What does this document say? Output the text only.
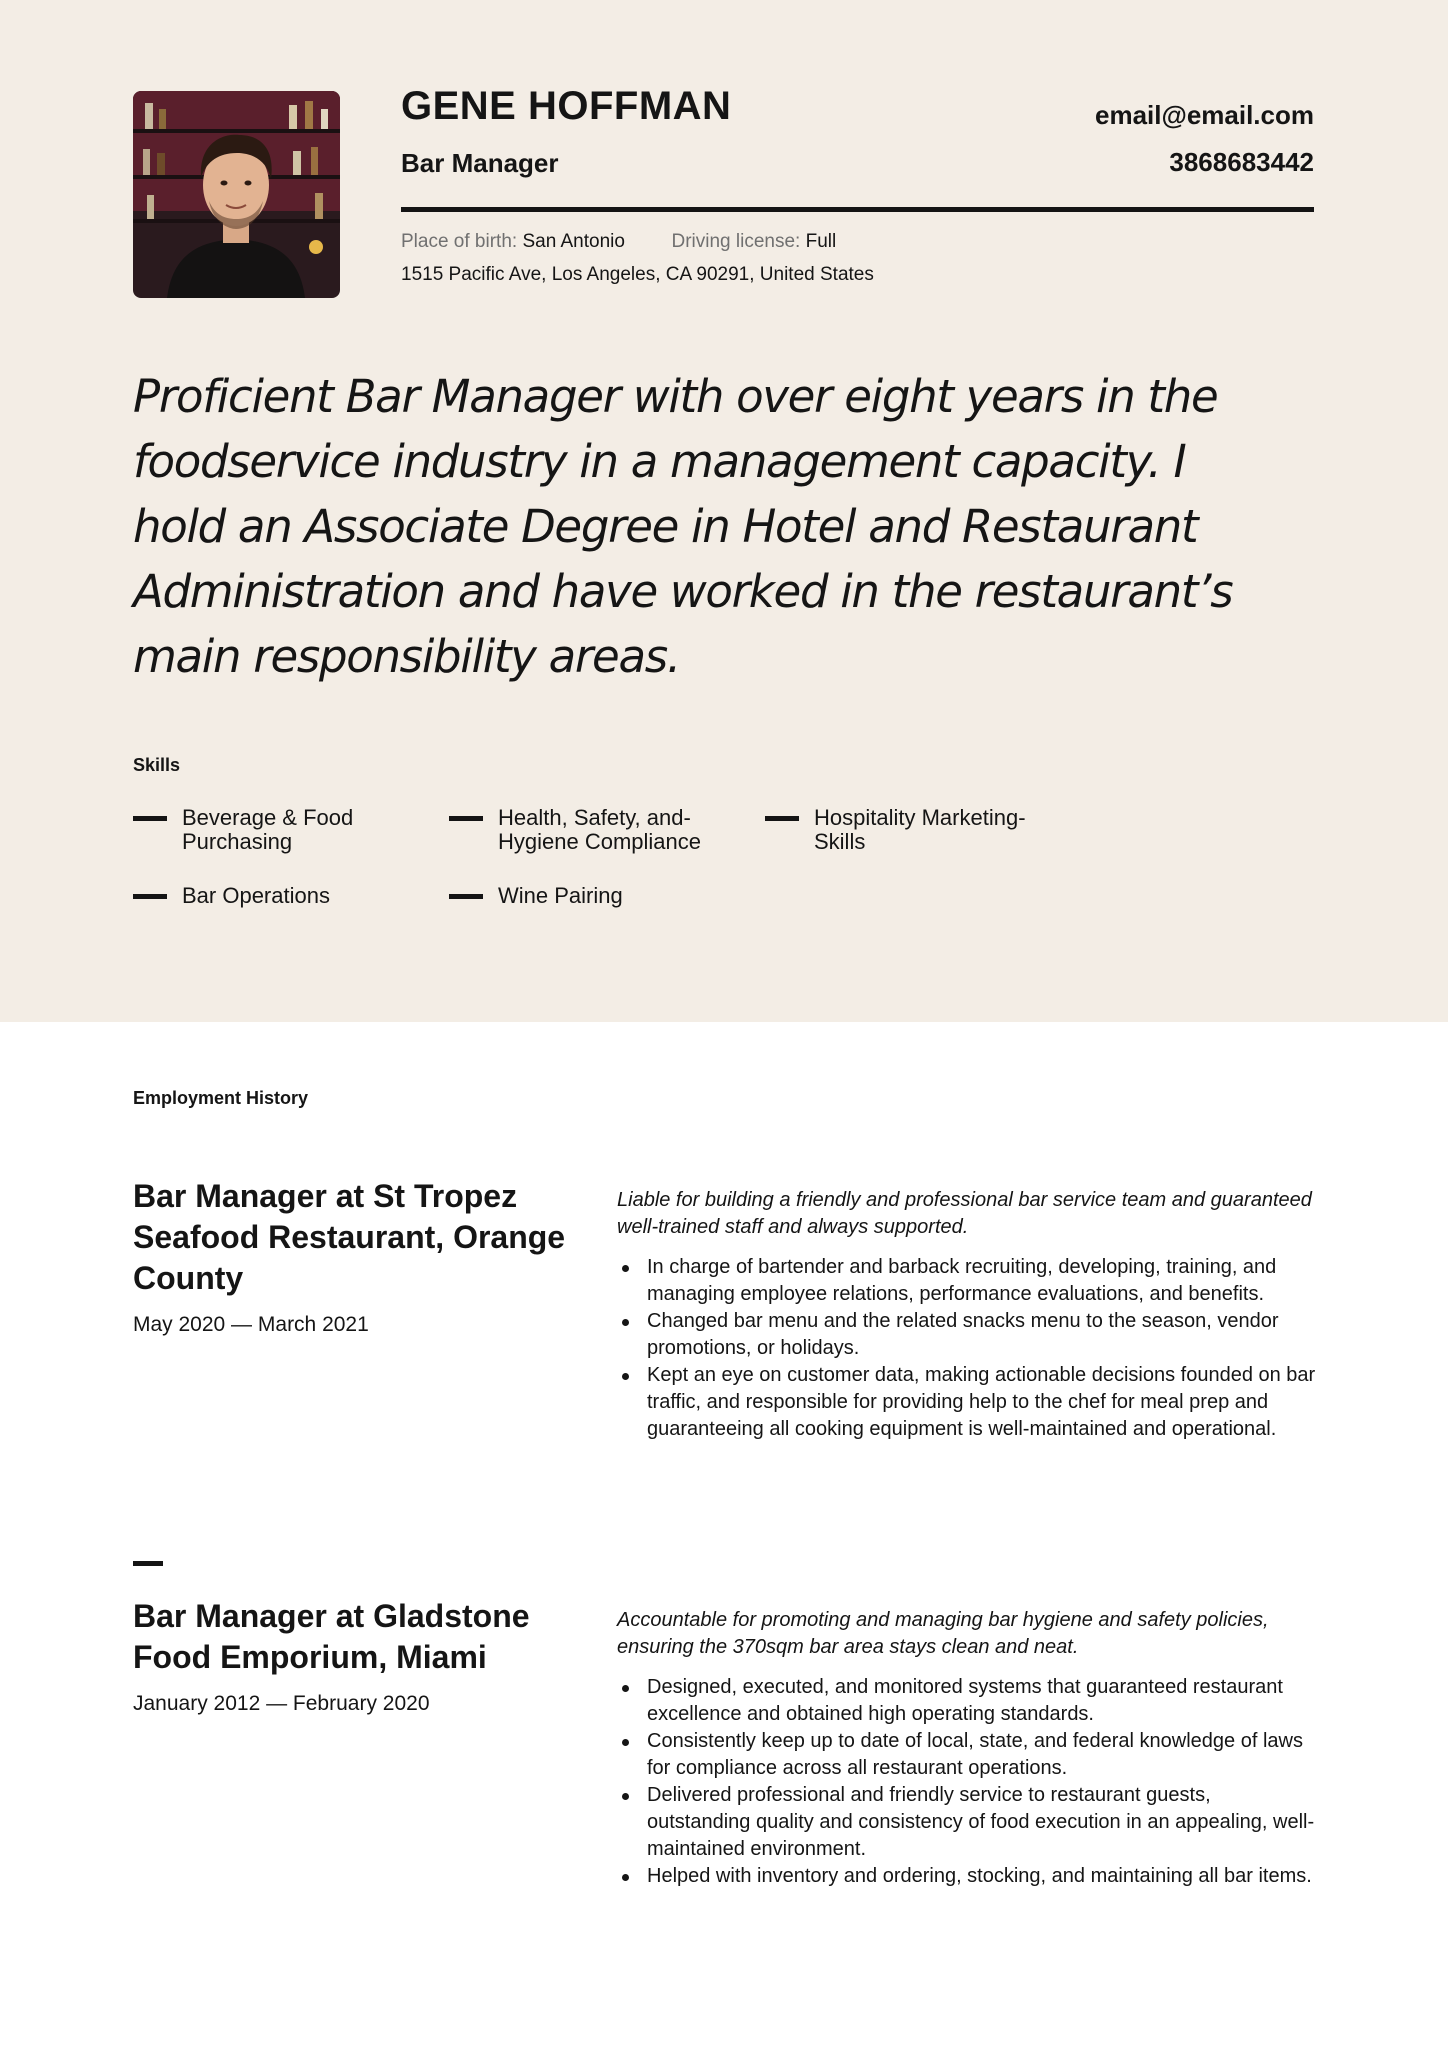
GENE HOFFMAN
Bar Manager
email@email.com
3868683442
Place of birth: San Antonio Driving license: Full
1515 Pacific Ave, Los Angeles, CA 90291, United States
Proficient Bar Manager with over eight years in the foodservice industry in a management capacity. I hold an Associate Degree in Hotel and Restaurant Administration and have worked in the restaurant’s main responsibility areas.
Skills
Beverage & Food Purchasing
Health, Safety, and-Hygiene Compliance
Hospitality Marketing-Skills
Bar Operations	Wine Pairing
Employment History
Bar Manager at St Tropez Seafood Restaurant, Orange County
May 2020 — March 2021
Liable for building a friendly and professional bar service team and guaranteed well-trained staff and always supported.
In charge of bartender and barback recruiting, developing, training, and managing employee relations, performance evaluations, and benefits.
Changed bar menu and the related snacks menu to the season, vendor promotions, or holidays.
Kept an eye on customer data, making actionable decisions founded on bar traffic, and responsible for providing help to the chef for meal prep and guaranteeing all cooking equipment is well-maintained and operational.
Bar Manager at Gladstone Food Emporium, Miami
January 2012 — February 2020
Accountable for promoting and managing bar hygiene and safety policies, ensuring the 370sqm bar area stays clean and neat.
Designed, executed, and monitored systems that guaranteed restaurant excellence and obtained high operating standards.
Consistently keep up to date of local, state, and federal knowledge of laws for compliance across all restaurant operations.
Delivered professional and friendly service to restaurant guests, outstanding quality and consistency of food execution in an appealing, well-maintained environment.
Helped with inventory and ordering, stocking, and maintaining all bar items.
